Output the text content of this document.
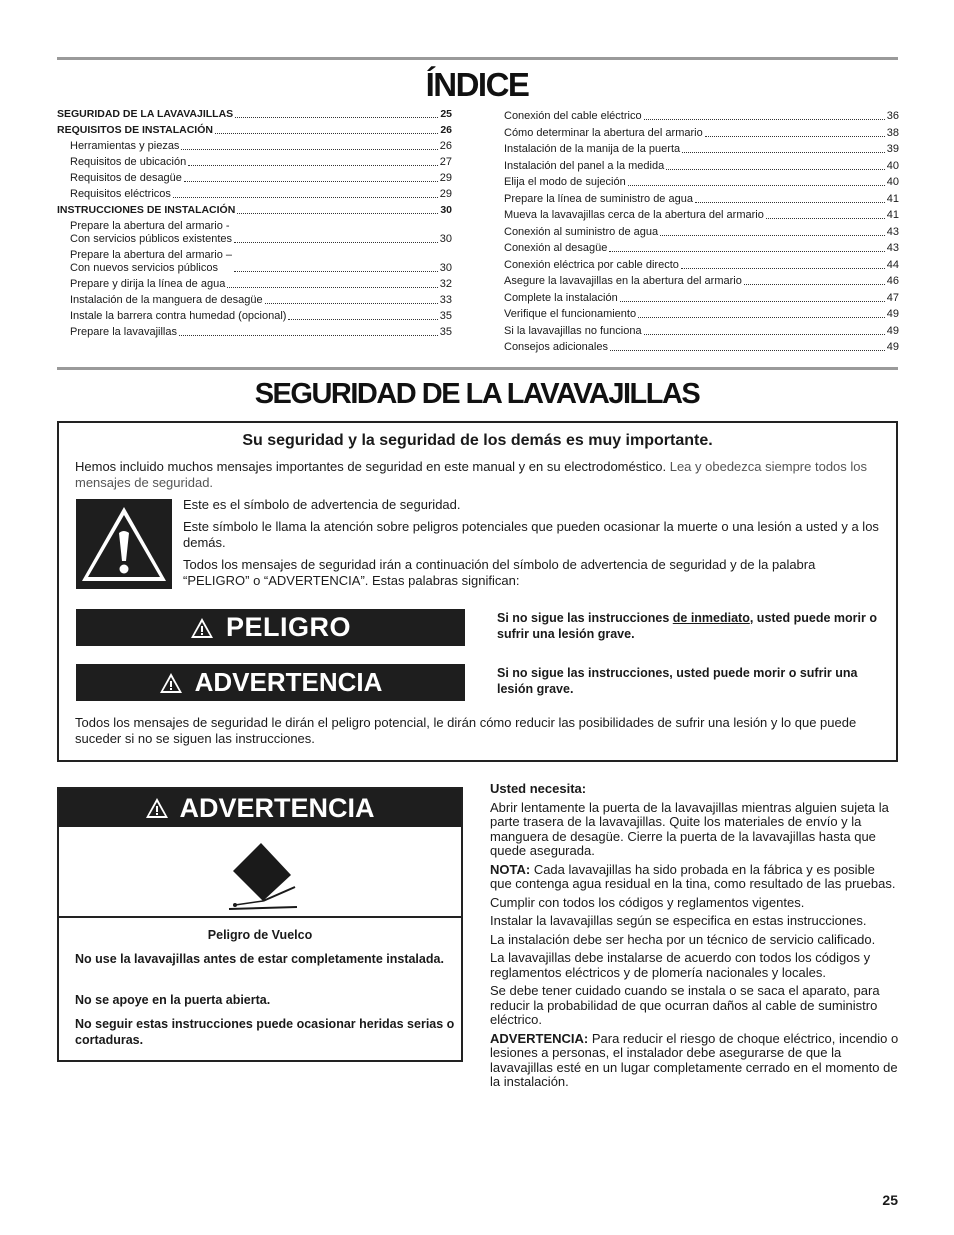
ÍNDICE
SEGURIDAD DE LA LAVAVAJILLAS	25
REQUISITOS DE INSTALACIÓN	26
Herramientas y piezas	26
Requisitos de ubicación	27
Requisitos de desagüe	29
Requisitos eléctricos	29
INSTRUCCIONES DE INSTALACIÓN	30
Prepare la abertura del armario -
Con servicios públicos existentes	30
Prepare la abertura del armario –
Con nuevos servicios públicos	30
Prepare y dirija la línea de agua	32
Instalación de la manguera de desagüe	33
Instale la barrera contra humedad (opcional)	35
Prepare la lavavajillas	35
Conexión del cable eléctrico	36
Cómo determinar la abertura del armario	38
Instalación de la manija de la puerta	39
Instalación del panel a la medida	40
Elija el modo de sujeción	40
Prepare la línea de suministro de agua	41
Mueva la lavavajillas cerca de la abertura del armario	41
Conexión al suministro de agua	43
Conexión al desagüe	43
Conexión eléctrica por cable directo	44
Asegure la lavavajillas en la abertura del armario	46
Complete la instalación	47
Verifique el funcionamiento	49
Si la lavavajillas no funciona	49
Consejos adicionales	49
SEGURIDAD DE LA LAVAVAJILLAS
Su seguridad y la seguridad de los demás es muy importante.
Hemos incluido muchos mensajes importantes de seguridad en este manual y en su electrodoméstico. Lea y obedezca siempre todos los mensajes de seguridad.
Este es el símbolo de advertencia de seguridad.
Este símbolo le llama la atención sobre peligros potenciales que pueden ocasionar la muerte o una lesión a usted y a los demás.
Todos los mensajes de seguridad irán a continuación del símbolo de advertencia de seguridad y de la palabra “PELIGRO” o “ADVERTENCIA”. Estas palabras significan:
PELIGRO	Si no sigue las instrucciones de inmediato, usted puede morir o sufrir una lesión grave.
ADVERTENCIA	Si no sigue las instrucciones, usted puede morir o sufrir una lesión grave.
Todos los mensajes de seguridad le dirán el peligro potencial, le dirán cómo reducir las posibilidades de sufrir una lesión y lo que puede suceder si no se siguen las instrucciones.
ADVERTENCIA
Peligro de Vuelco
No use la lavavajillas antes de estar completamente instalada.
No se apoye en la puerta abierta.
No seguir estas instrucciones puede ocasionar heridas serias o cortaduras.

Usted necesita:

Abrir lentamente la puerta de la lavavajillas mientras alguien sujeta la parte trasera de la lavavajillas. Quite los materiales de envío y la manguera de desagüe. Cierre la puerta de la lavavajillas hasta que quede asegurada.

NOTA: Cada lavavajillas ha sido probada en la fábrica y es posible que contenga agua residual en la tina, como resultado de las pruebas.

Cumplir con todos los códigos y reglamentos vigentes.

Instalar la lavavajillas según se especifica en estas instrucciones.

La instalación debe ser hecha por un técnico de servicio calificado.

La lavavajillas debe instalarse de acuerdo con todos los códigos y reglamentos eléctricos y de plomería nacionales y locales.

Se debe tener cuidado cuando se instala o se saca el aparato, para reducir la probabilidad de que ocurran daños al cable de suministro eléctrico.

ADVERTENCIA: Para reducir el riesgo de choque eléctrico, incendio o lesiones a personas, el instalador debe asegurarse de que la lavavajillas esté en un lugar completamente cerrado en el momento de la instalación.

25
